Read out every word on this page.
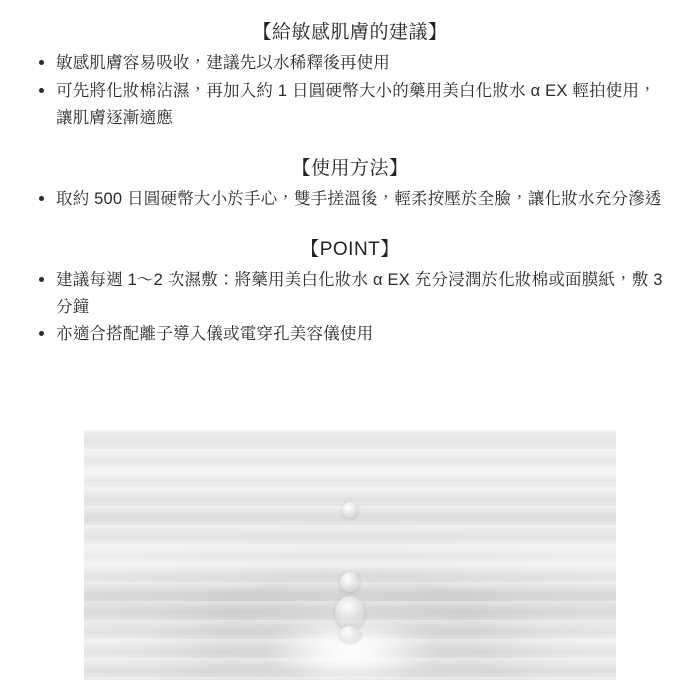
【給敏感肌膚的建議】
敏感肌膚容易吸收，建議先以水稀釋後再使用
可先將化妝棉沾濕，再加入約 1 日圓硬幣大小的藥用美白化妝水 α EX 輕拍使用，讓肌膚逐漸適應
【使用方法】
取約 500 日圓硬幣大小於手心，雙手搓溫後，輕柔按壓於全臉，讓化妝水充分滲透
【POINT】
建議每週 1〜2 次濕敷：將藥用美白化妝水 α EX 充分浸潤於化妝棉或面膜紙，敷 3 分鐘
亦適合搭配離子導入儀或電穿孔美容儀使用
